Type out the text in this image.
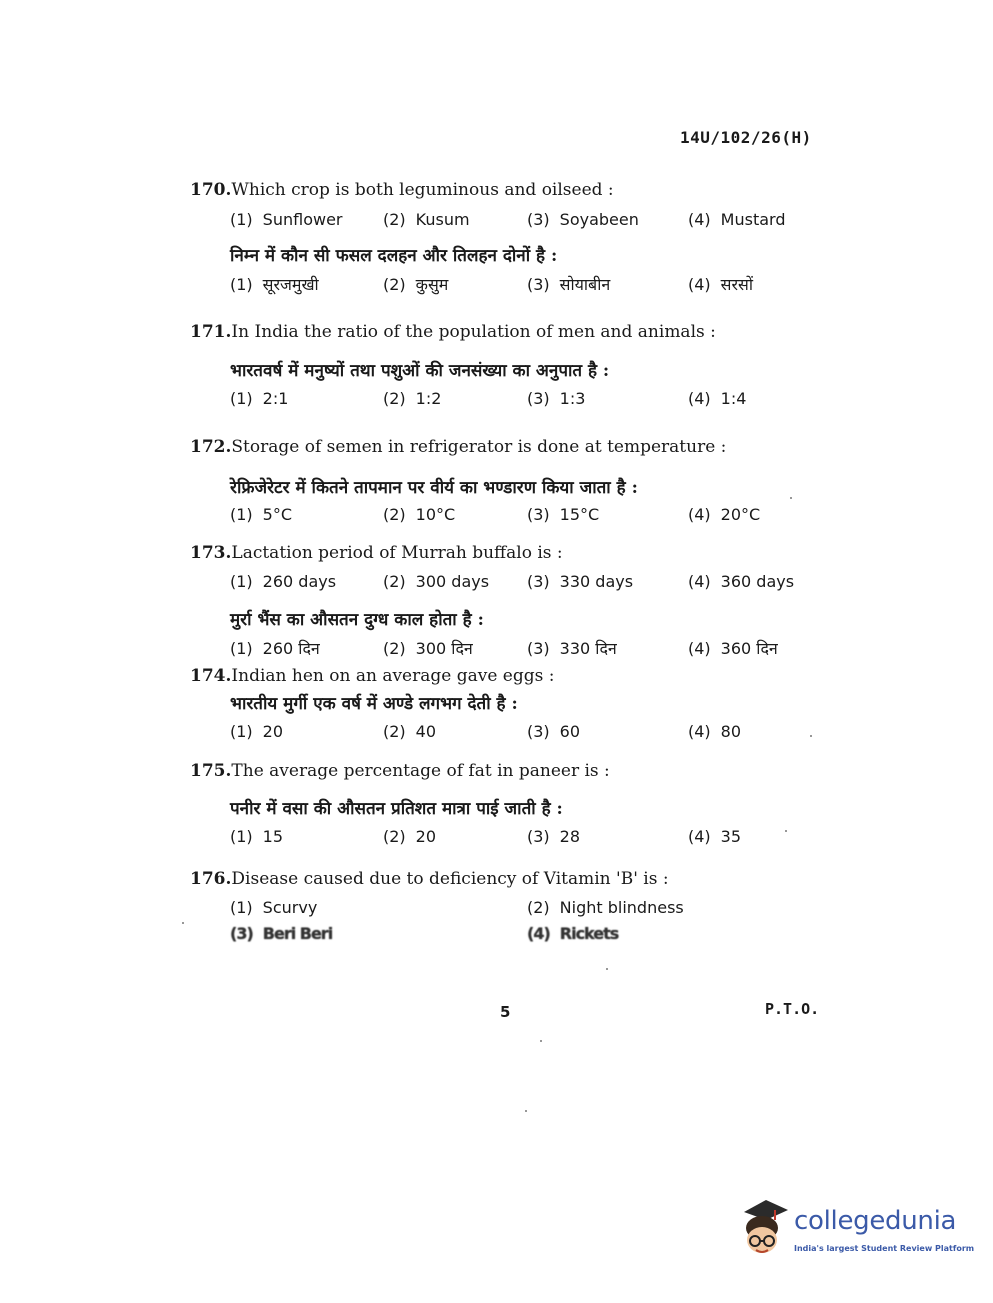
14U/102/26(H)
170.Which crop is both leguminous and oilseed :
(1) Sunflower	(2) Kusum	(3) Soyabeen	(4) Mustard
निम्न में कौन सी फसल दलहन और तिलहन दोनों है :
(1) सूरजमुखी	(2) कुसुम	(3) सोयाबीन	(4) सरसों
171.In India the ratio of the population of men and animals :
भारतवर्ष में मनुष्यों तथा पशुओं की जनसंख्या का अनुपात है :
(1) 2:1	(2) 1:2	(3) 1:3	(4) 1:4
172.Storage of semen in refrigerator is done at temperature :
रेफ्रिजेरेटर में कितने तापमान पर वीर्य का भण्डारण किया जाता है :
(1) 5°C	(2) 10°C	(3) 15°C	(4) 20°C
173.Lactation period of Murrah buffalo is :
(1) 260 days	(2) 300 days (3) 330 days	(4) 360 days
मुर्रा भैंस का औसतन दुग्ध काल होता है :
(1) 260 दिन	(2) 300 दिन	(3) 330 दिन	(4) 360 दिन
174.Indian hen on an average gave eggs :
भारतीय मुर्गी एक वर्ष में अण्डे लगभग देती है :
(1) 20	(2) 40	(3) 60	(4) 80
175.The average percentage of fat in paneer is :
पनीर में वसा की औसतन प्रतिशत मात्रा पाई जाती है :
(1) 15	(2) 20	(3) 28	(4) 35
176.Disease caused due to deficiency of Vitamin 'B' is :
(1) Scurvy	(2) Night blindness
(3) Beri Beri	(4) Rickets
5	P.T.O.
collegedunia
India's largest Student Review Platform
